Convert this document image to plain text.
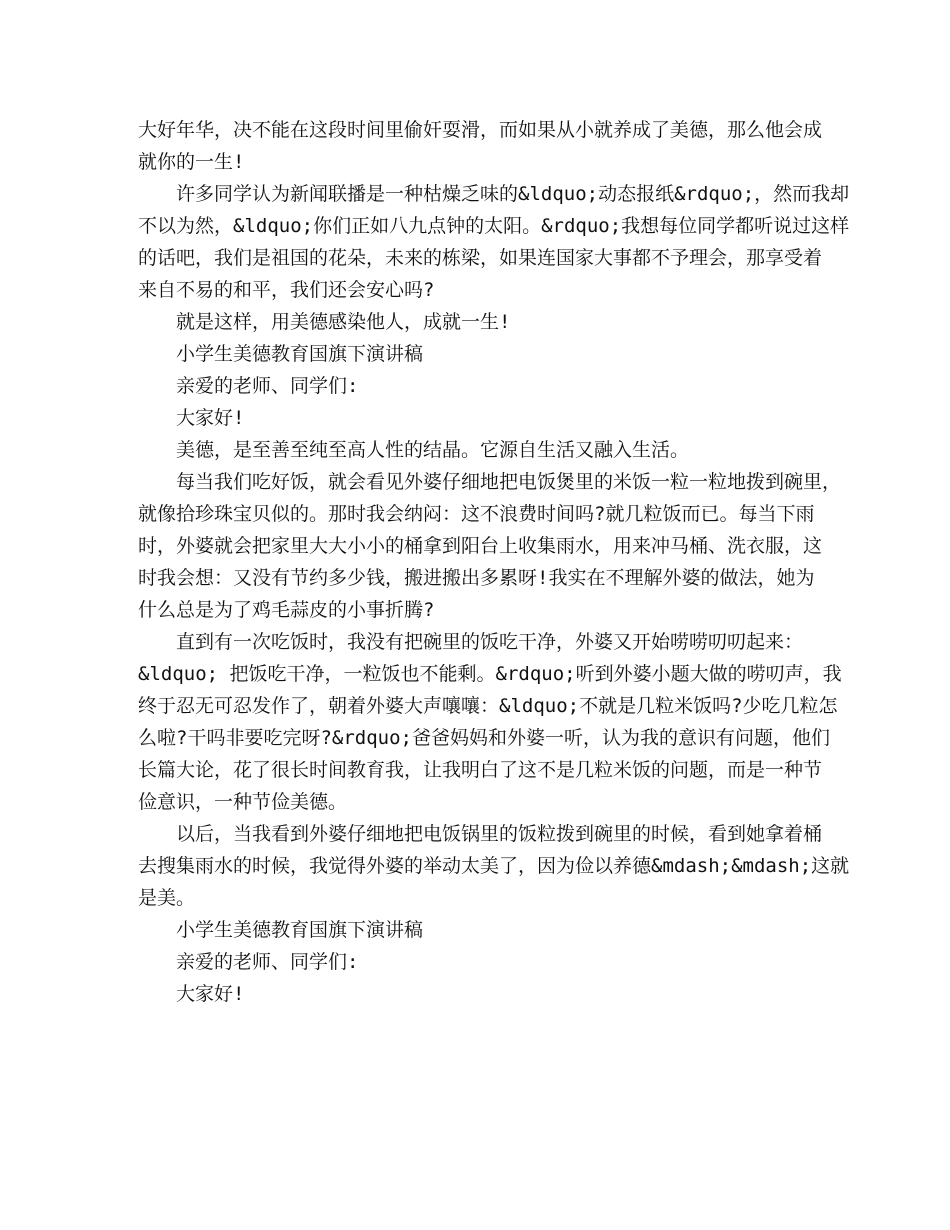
大好年华，决不能在这段时间里偷奸耍滑，而如果从小就养成了美德，那么他会成
就你的一生!
许多同学认为新闻联播是一种枯燥乏味的&ldquo;动态报纸&rdquo;，然而我却
不以为然，&ldquo;你们正如八九点钟的太阳。&rdquo;我想每位同学都听说过这样
的话吧，我们是祖国的花朵，未来的栋梁，如果连国家大事都不予理会，那享受着
来自不易的和平，我们还会安心吗?
就是这样，用美德感染他人，成就一生!
小学生美德教育国旗下演讲稿
亲爱的老师、同学们:
大家好!
美德，是至善至纯至高人性的结晶。它源自生活又融入生活。
每当我们吃好饭，就会看见外婆仔细地把电饭煲里的米饭一粒一粒地拨到碗里，
就像拾珍珠宝贝似的。那时我会纳闷：这不浪费时间吗?就几粒饭而已。每当下雨
时，外婆就会把家里大大小小的桶拿到阳台上收集雨水，用来冲马桶、洗衣服，这
时我会想：又没有节约多少钱，搬进搬出多累呀!我实在不理解外婆的做法，她为
什么总是为了鸡毛蒜皮的小事折腾?
直到有一次吃饭时，我没有把碗里的饭吃干净，外婆又开始唠唠叨叨起来：
&ldquo; 把饭吃干净，一粒饭也不能剩。&rdquo;听到外婆小题大做的唠叨声，我
终于忍无可忍发作了，朝着外婆大声嚷嚷：&ldquo;不就是几粒米饭吗?少吃几粒怎
么啦?干吗非要吃完呀?&rdquo;爸爸妈妈和外婆一听，认为我的意识有问题，他们
长篇大论，花了很长时间教育我，让我明白了这不是几粒米饭的问题，而是一种节
俭意识，一种节俭美德。
以后，当我看到外婆仔细地把电饭锅里的饭粒拨到碗里的时候，看到她拿着桶
去搜集雨水的时候，我觉得外婆的举动太美了，因为俭以养德&mdash;&mdash;这就
是美。
小学生美德教育国旗下演讲稿
亲爱的老师、同学们:
大家好!
